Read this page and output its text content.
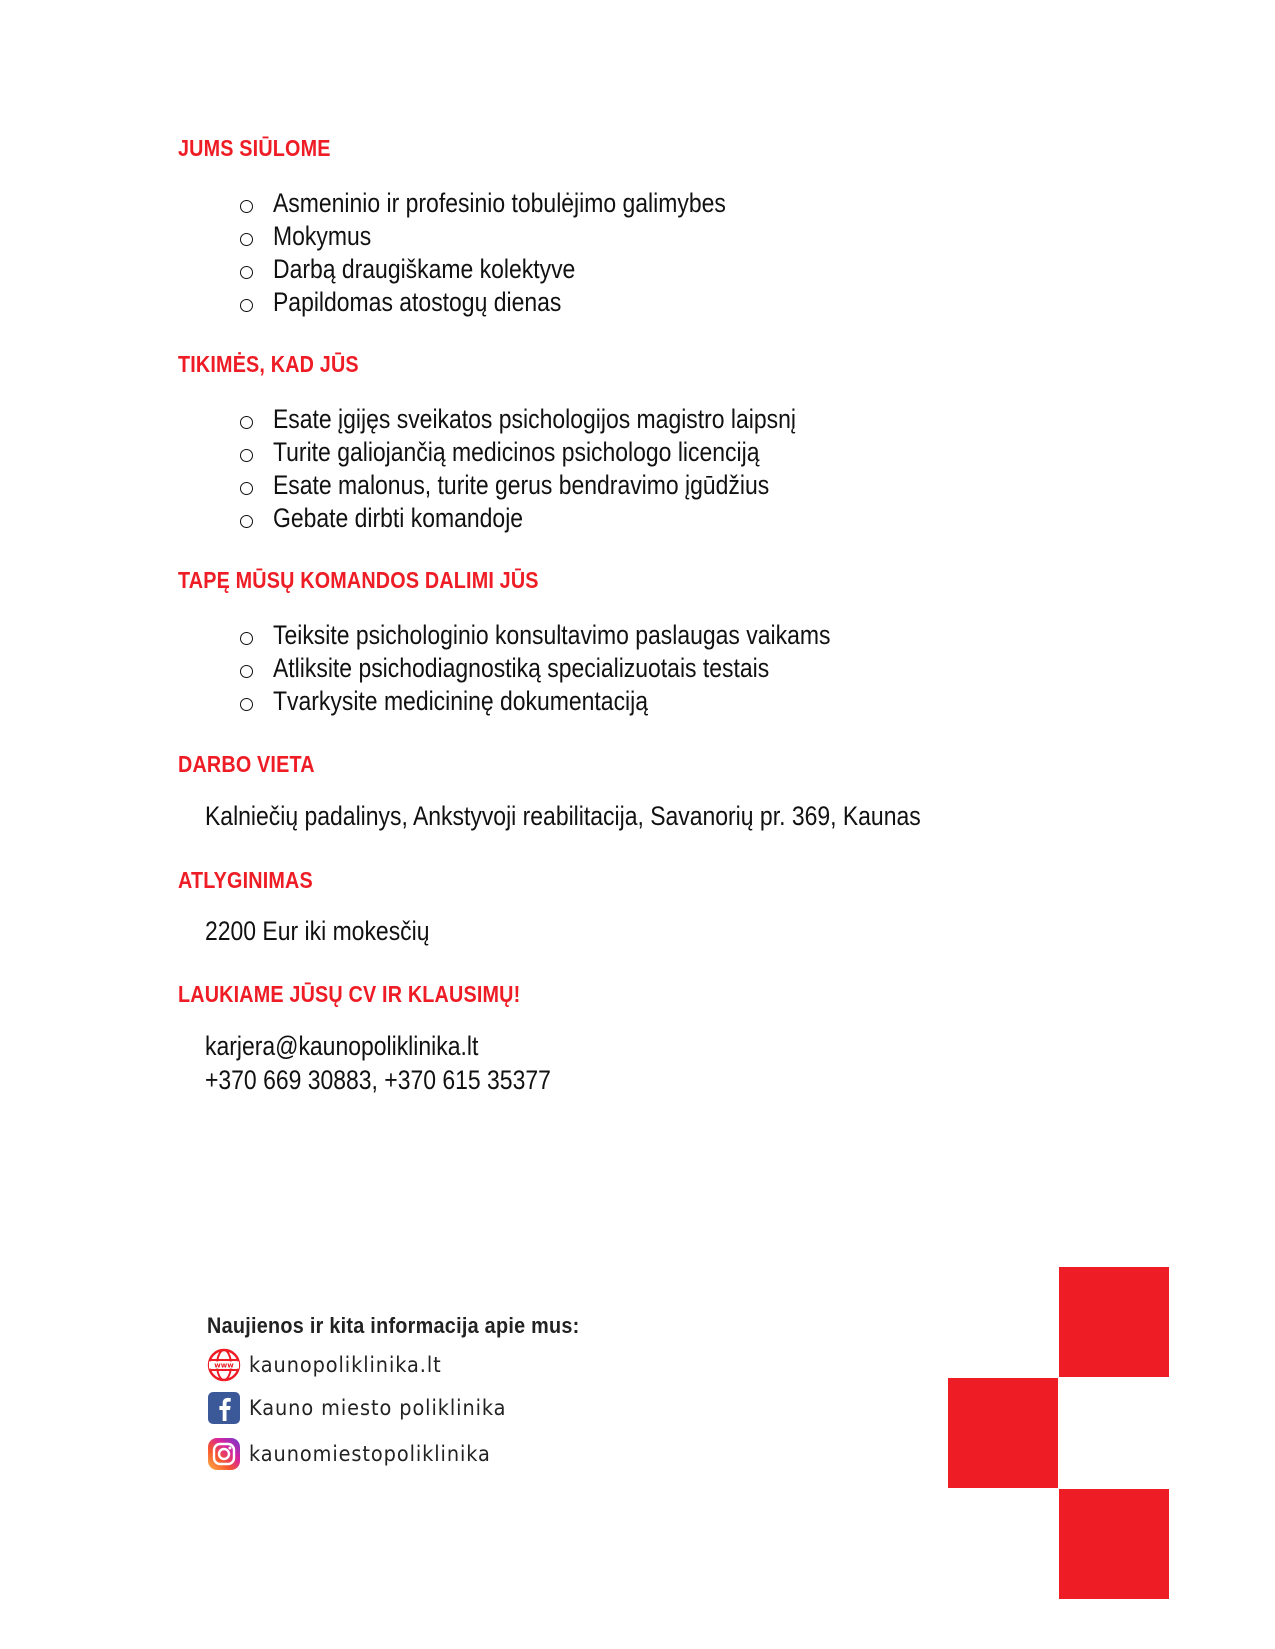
JUMS SIŪLOME
Asmeninio ir profesinio tobulėjimo galimybes
Mokymus
Darbą draugiškame kolektyve
Papildomas atostogų dienas
TIKIMĖS, KAD JŪS
Esate įgijęs sveikatos psichologijos magistro laipsnį
Turite galiojančią medicinos psichologo licenciją
Esate malonus, turite gerus bendravimo įgūdžius
Gebate dirbti komandoje
TAPĘ MŪSŲ KOMANDOS DALIMI JŪS
Teiksite psichologinio konsultavimo paslaugas vaikams
Atliksite psichodiagnostiką specializuotais testais
Tvarkysite medicininę dokumentaciją
DARBO VIETA
Kalniečių padalinys, Ankstyvoji reabilitacija, Savanorių pr. 369, Kaunas
ATLYGINIMAS
2200 Eur iki mokesčių
LAUKIAME JŪSŲ CV IR KLAUSIMŲ!
karjera@kaunopoliklinika.lt
+370 669 30883, +370 615 35377
Naujienos ir kita informacija apie mus:
www kaunopoliklinika.lt
Kauno miesto poliklinika
kaunomiestopoliklinika
